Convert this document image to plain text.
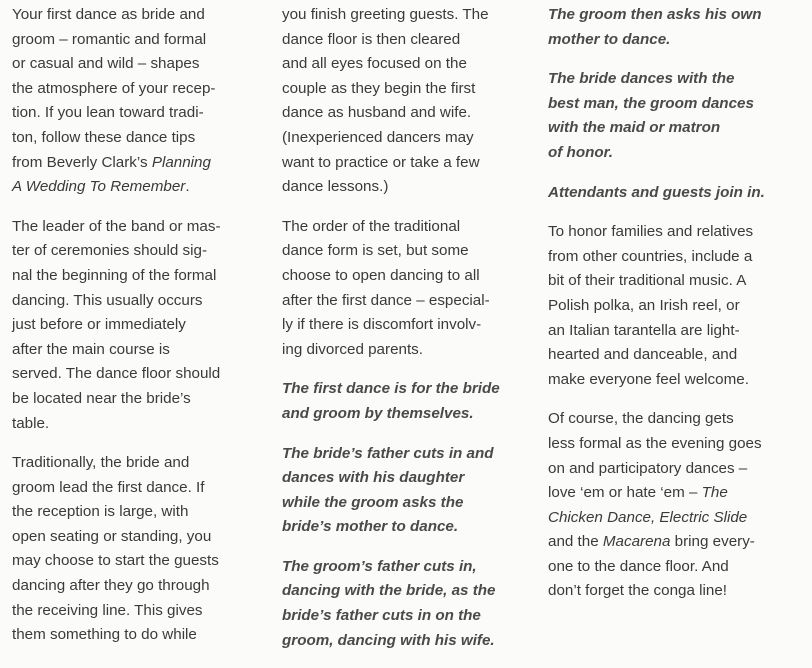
Your first dance as bride and
groom – romantic and formal
or casual and wild – shapes
the atmosphere of your recep-
tion. If you lean toward tradi-
ton, follow these dance tips
from Beverly Clark’s Planning
A Wedding To Remember.

The leader of the band or mas-
ter of ceremonies should sig-
nal the beginning of the formal
dancing. This usually occurs
just before or immediately
after the main course is
served. The dance floor should
be located near the bride’s
table.

Traditionally, the bride and
groom lead the first dance. If
the reception is large, with
open seating or standing, you
may choose to start the guests
dancing after they go through
the receiving line. This gives
them something to do while

you finish greeting guests. The
dance floor is then cleared
and all eyes focused on the
couple as they begin the first
dance as husband and wife.
(Inexperienced dancers may
want to practice or take a few
dance lessons.)

The order of the traditional
dance form is set, but some
choose to open dancing to all
after the first dance – especial-
ly if there is discomfort involv-
ing divorced parents.

The first dance is for the bride
and groom by themselves.

The bride’s father cuts in and
dances with his daughter
while the groom asks the
bride’s mother to dance.

The groom’s father cuts in,
dancing with the bride, as the
bride’s father cuts in on the
groom, dancing with his wife.

The groom then asks his own
mother to dance.

The bride dances with the
best man, the groom dances
with the maid or matron
of honor.

Attendants and guests join in.

To honor families and relatives
from other countries, include a
bit of their traditional music. A
Polish polka, an Irish reel, or
an Italian tarantella are light-
hearted and danceable, and
make everyone feel welcome.

Of course, the dancing gets
less formal as the evening goes
on and participatory dances –
love ‘em or hate ‘em – The
Chicken Dance, Electric Slide
and the Macarena bring every-
one to the dance floor. And
don’t forget the conga line!
